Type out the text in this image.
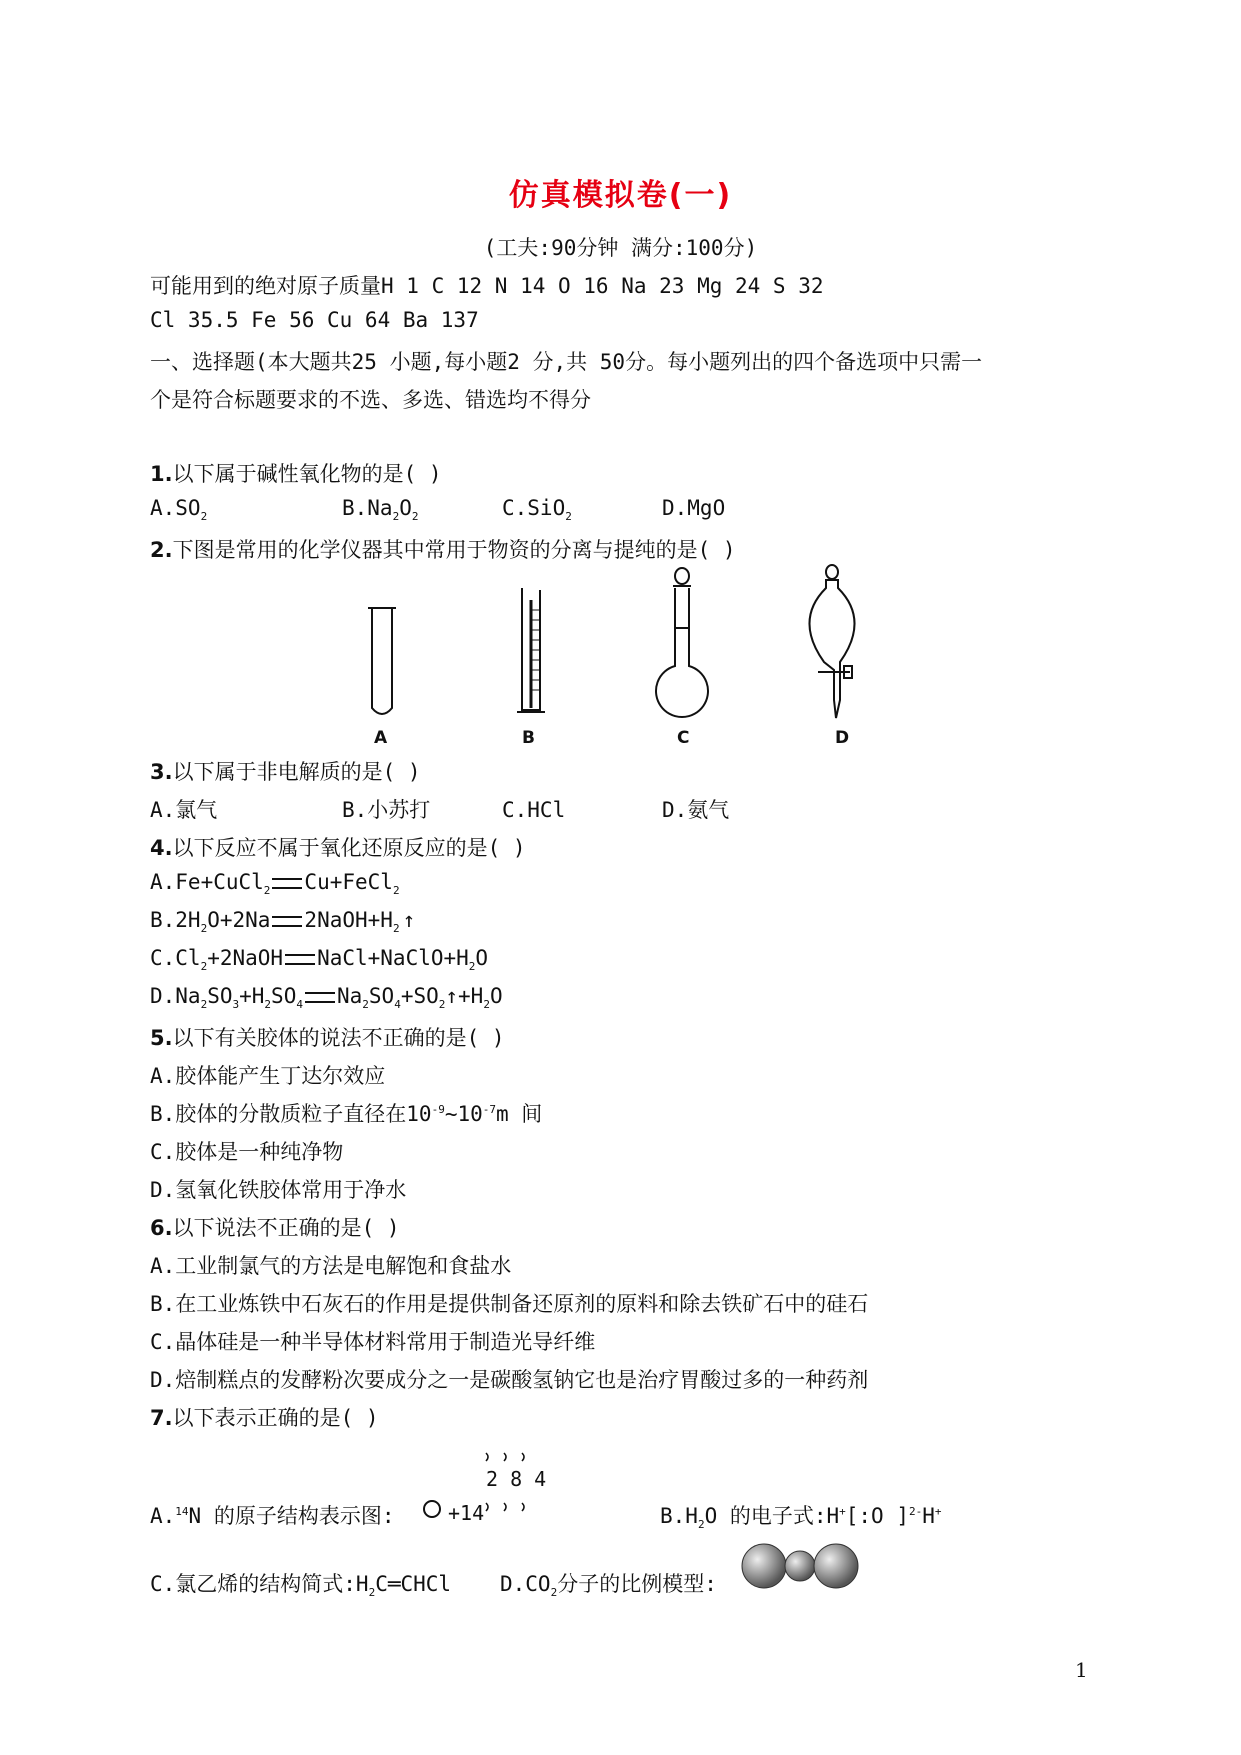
仿真模拟卷(一)
(工夫:90分钟 满分:100分)
可能用到的绝对原子质量H 1 C 12 N 14 O 16 Na 23 Mg 24 S 32
Cl 35.5 Fe 56 Cu 64 Ba 137
一、选择题(本大题共25 小题,每小题2 分,共 50分。每小题列出的四个备选项中只需一
个是符合标题要求的不选、多选、错选均不得分
1.以下属于碱性氧化物的是( )
$A.SO_2$	$B.Na_2O_2$	C.SiO$_2$	D.MgO
2.下图是常用的化学仪器其中常用于物资的分离与提纯的是( )
A	B	C	D
3.以下属于非电解质的是( )
A.氯气	B.小苏打	C.HCl	D.氨气
4.以下反应不属于氧化还原反应的是( )
A.Fe+CuCl$_2$ Cu+FeCl$_2$
$B.2H_2O+2Na$ $2NaOH+H_2$ ↑
$C.Cl_2+2NaOH$ $NaCl+NaClO+H_2O$
$D.Na_2SO_3+H_2SO_4$ $Na_2SO_4+SO_2↑+H_2O$
5.以下有关胶体的说法不正确的是( )
A.胶体能产生丁达尔效应
B.胶体的分散质粒子直径在$10^{-9}\sim 10^{-7}m$ 间
C.胶体是一种纯净物
D.氢氧化铁胶体常用于净水
6.以下说法不正确的是( )
A.工业制氯气的方法是电解饱和食盐水
B.在工业炼铁中石灰石的作用是提供制备还原剂的原料和除去铁矿石中的硅石
C.晶体硅是一种半导体材料常用于制造光导纤维
D.焙制糕点的发酵粉次要成分之一是碳酸氢钠它也是治疗胃酸过多的一种药剂
7.以下表示正确的是( )
A.$^{14}$N 的原子结构表示图:
2 8 4
+14	$B.H_2O$ 的电子式:H+[:O ]$^{2-}$H+
C.氯乙烯的结构简式$:H_2C═CHCl$ $D.CO_2$分子的比例模型:
1
